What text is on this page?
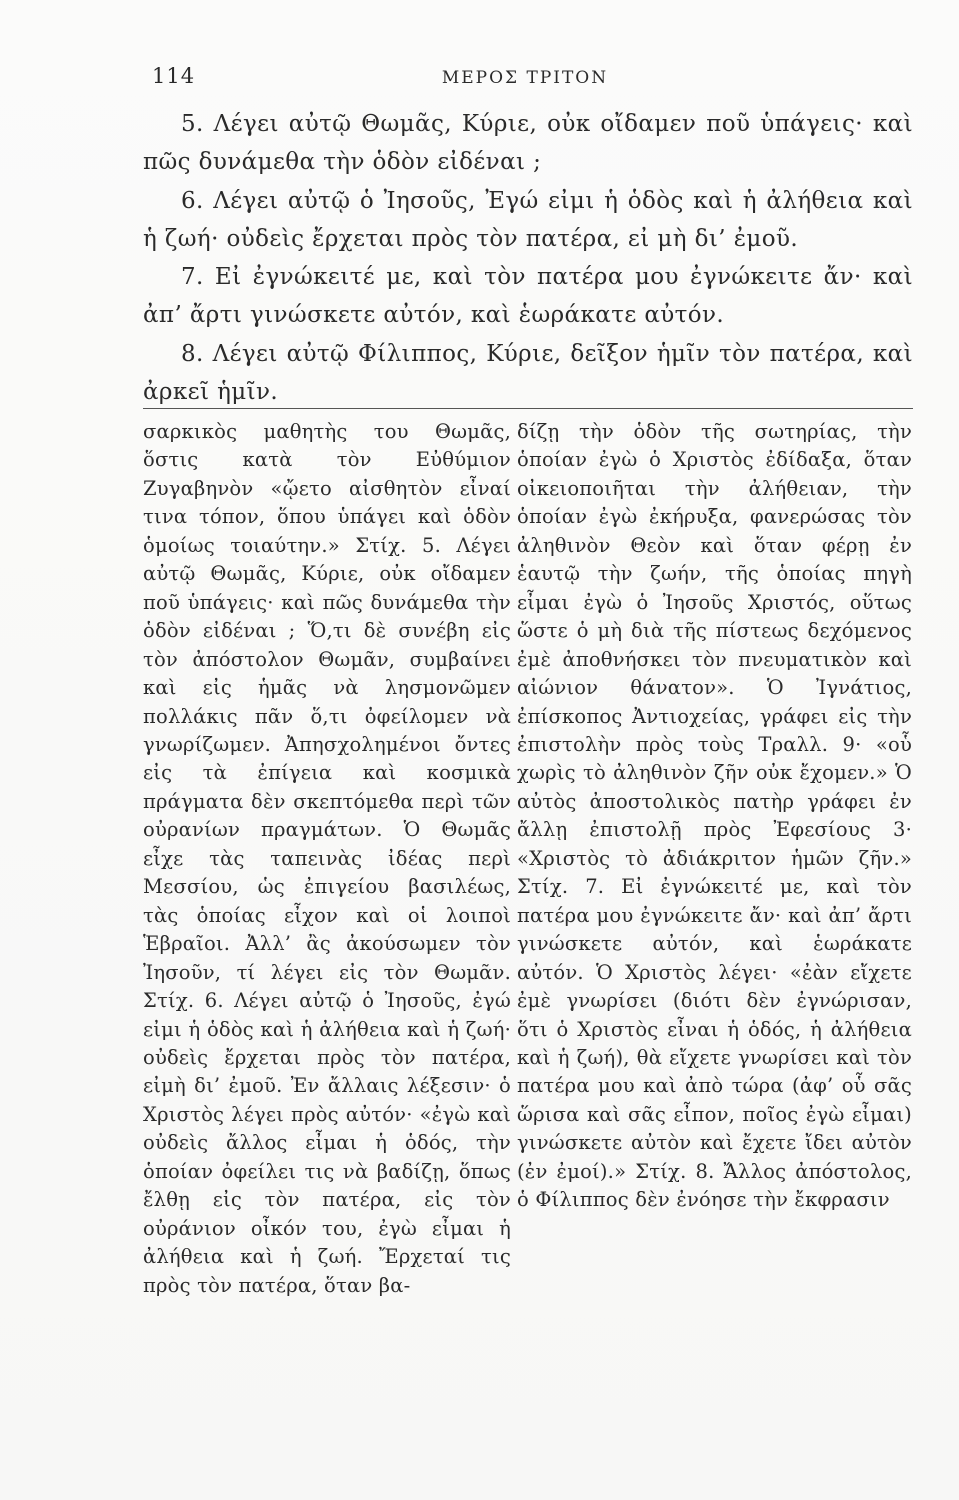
114	ΜΕΡΟΣ ΤΡΙΤΟΝ

5. Λέγει αὐτῷ Θωμᾶς, Κύριε, οὐκ οἴδαμεν ποῦ ὑπάγεις· καὶ πῶς δυνάμεθα τὴν ὁδὸν εἰδέναι ;

6. Λέγει αὐτῷ ὁ Ἰησοῦς, Ἐγώ εἰμι ἡ ὁδὸς καὶ ἡ ἀλήθεια καὶ ἡ ζωή· οὐδεὶς ἔρχεται πρὸς τὸν πατέρα, εἰ μὴ δι’ ἐμοῦ.

7. Εἰ ἐγνώκειτέ με, καὶ τὸν πατέρα μου ἐγνώκειτε ἄν· καὶ ἀπ’ ἄρτι γινώσκετε αὐτόν, καὶ ἑωράκατε αὐτόν.

8. Λέγει αὐτῷ Φίλιππος, Κύριε, δεῖξον ἡμῖν τὸν πατέρα, καὶ ἀρκεῖ ἡμῖν.

σαρκικὸς μαθητὴς του Θωμᾶς, ὅστις κατὰ τὸν Εὐθύμιον Ζυγαβηνὸν «ᾤετο αἰσθητὸν εἶναί τινα τόπον, ὅπου ὑπάγει καὶ ὁδὸν ὁμοίως τοιαύτην.» Στίχ. 5. Λέγει αὐτῷ Θωμᾶς, Κύριε, οὐκ οἴδαμεν ποῦ ὑπάγεις· καὶ πῶς δυνάμεθα τὴν ὁδὸν εἰδέναι ; Ὅ,τι δὲ συνέβη εἰς τὸν ἀπόστολον Θωμᾶν, συμβαίνει καὶ εἰς ἡμᾶς νὰ λησμονῶμεν πολλάκις πᾶν ὅ,τι ὀφείλομεν νὰ γνωρίζωμεν. Ἀπησχολημένοι ὄντες εἰς τὰ ἐπίγεια καὶ κοσμικὰ πράγματα δὲν σκεπτόμεθα περὶ τῶν οὐρανίων πραγμάτων. Ὁ Θωμᾶς εἶχε τὰς ταπεινὰς ἰδέας περὶ Μεσσίου, ὡς ἐπιγείου βασιλέως, τὰς ὁποίας εἶχον καὶ οἱ λοιποὶ Ἑβραῖοι. Ἀλλ’ ἂς ἀκούσωμεν τὸν Ἰησοῦν, τί λέγει εἰς τὸν Θωμᾶν. Στίχ. 6. Λέγει αὐτῷ ὁ Ἰησοῦς, ἐγώ εἰμι ἡ ὁδὸς καὶ ἡ ἀλήθεια καὶ ἡ ζωή· οὐδεὶς ἔρχεται πρὸς τὸν πατέρα, εἰμὴ δι’ ἐμοῦ. Ἐν ἄλλαις λέξεσιν· ὁ Χριστὸς λέγει πρὸς αὐτόν· «ἐγὼ καὶ οὐδεὶς ἄλλος εἶμαι ἡ ὁδός, τὴν ὁποίαν ὀφείλει τις νὰ βαδίζῃ, ὅπως ἔλθῃ εἰς τὸν πατέρα, εἰς τὸν οὐράνιον οἶκόν του, ἐγὼ εἶμαι ἡ ἀλήθεια καὶ ἡ ζωή. Ἔρχεταί τις πρὸς τὸν πατέρα, ὅταν βα-

δίζῃ τὴν ὁδὸν τῆς σωτηρίας, τὴν ὁποίαν ἐγὼ ὁ Χριστὸς ἐδίδαξα, ὅταν οἰκειοποιῆται τὴν ἀλήθειαν, τὴν ὁποίαν ἐγὼ ἐκήρυξα, φανερώσας τὸν ἀληθινὸν Θεὸν καὶ ὅταν φέρῃ ἐν ἑαυτῷ τὴν ζωήν, τῆς ὁποίας πηγὴ εἶμαι ἐγὼ ὁ Ἰησοῦς Χριστός, οὕτως ὥστε ὁ μὴ διὰ τῆς πίστεως δεχόμενος ἐμὲ ἀποθνήσκει τὸν πνευματικὸν καὶ αἰώνιον θάνατον». Ὁ Ἰγνάτιος, ἐπίσκοπος Ἀντιοχείας, γράφει εἰς τὴν ἐπιστολὴν πρὸς τοὺς Τραλλ. 9· «οὗ χωρὶς τὸ ἀληθινὸν ζῆν οὐκ ἔχομεν.» Ὁ αὐτὸς ἀποστολικὸς πατὴρ γράφει ἐν ἄλλῃ ἐπιστολῇ πρὸς Ἐφεσίους 3· «Χριστὸς τὸ ἀδιάκριτον ἡμῶν ζῆν.» Στίχ. 7. Εἰ ἐγνώκειτέ με, καὶ τὸν πατέρα μου ἐγνώκειτε ἄν· καὶ ἀπ’ ἄρτι γινώσκετε αὐτόν, καὶ ἑωράκατε αὐτόν. Ὁ Χριστὸς λέγει· «ἐὰν εἴχετε ἐμὲ γνωρίσει (διότι δὲν ἐγνώρισαν, ὅτι ὁ Χριστὸς εἶναι ἡ ὁδός, ἡ ἀλήθεια καὶ ἡ ζωή), θὰ εἴχετε γνωρίσει καὶ τὸν πατέρα μου καὶ ἀπὸ τώρα (ἀφ’ οὗ σᾶς ὥρισα καὶ σᾶς εἶπον, ποῖος ἐγὼ εἶμαι) γινώσκετε αὐτὸν καὶ ἔχετε ἴδει αὐτὸν (ἐν ἐμοί).» Στίχ. 8. Ἄλλος ἀπόστολος, ὁ Φίλιππος δὲν ἐνόησε τὴν ἔκφρασιν
